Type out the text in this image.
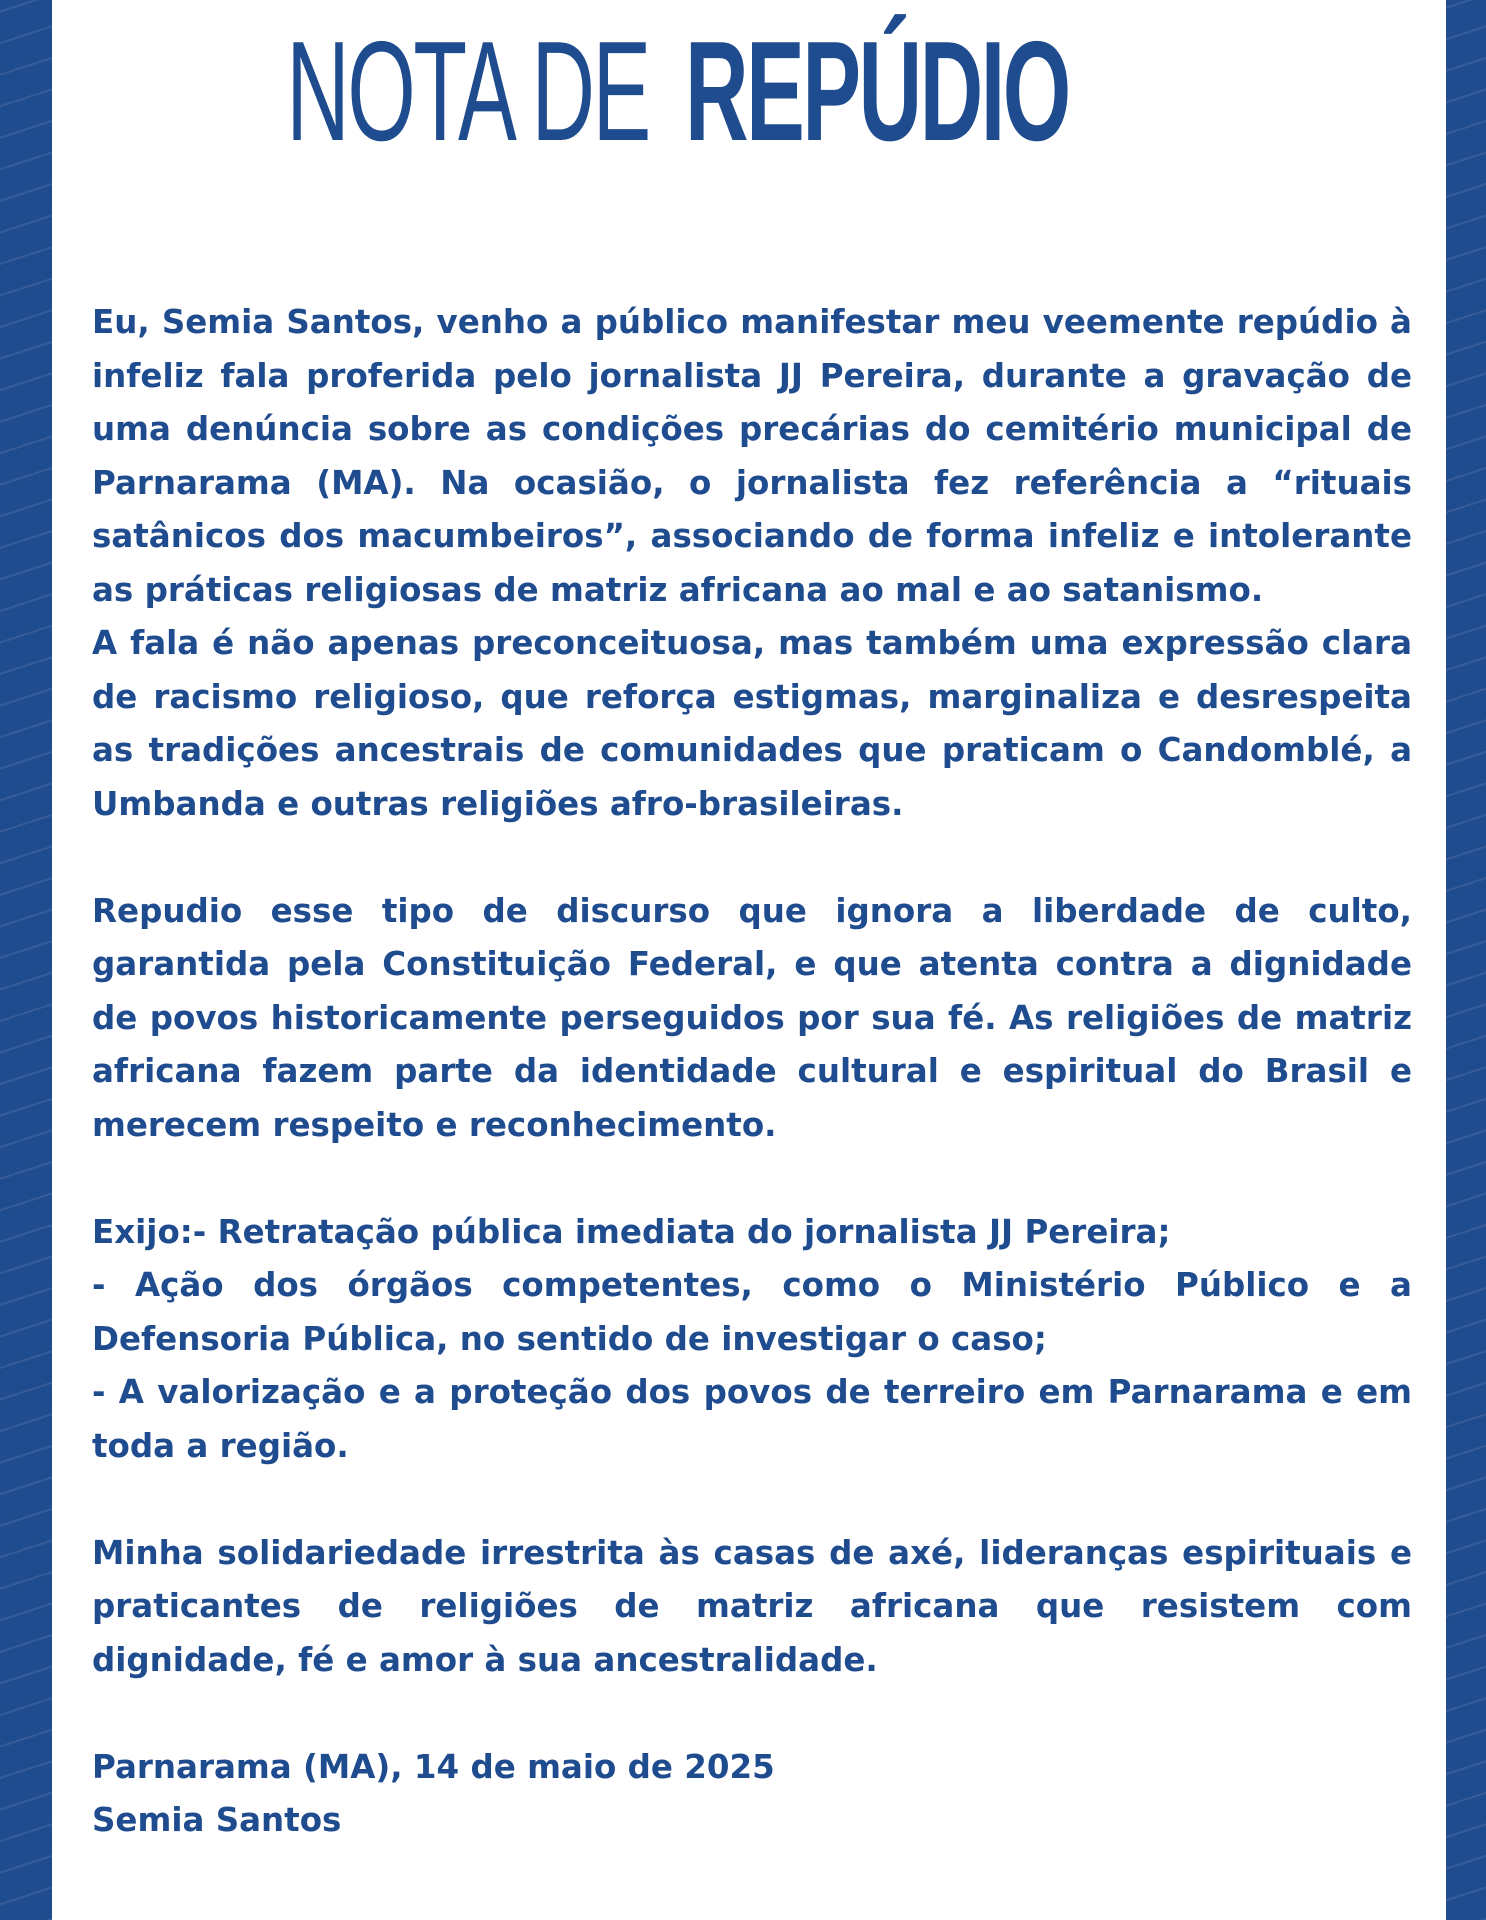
NOTA DE REPÚDIO

Eu, Semia Santos, venho a público manifestar meu veemente repúdio à infeliz fala proferida pelo jornalista JJ Pereira, durante a gravação de uma denúncia sobre as condições precárias do cemitério municipal de Parnarama (MA). Na ocasião, o jornalista fez referência a “rituais satânicos dos macumbeiros”, associando de forma infeliz e intolerante as práticas religiosas de matriz africana ao mal e ao satanismo.

A fala é não apenas preconceituosa, mas também uma expressão clara de racismo religioso, que reforça estigmas, marginaliza e desrespeita as tradições ancestrais de comunidades que praticam o Candomblé, a Umbanda e outras religiões afro-brasileiras.

Repudio esse tipo de discurso que ignora a liberdade de culto, garantida pela Constituição Federal, e que atenta contra a dignidade de povos historicamente perseguidos por sua fé. As religiões de matriz africana fazem parte da identidade cultural e espiritual do Brasil e merecem respeito e reconhecimento.

Exijo:- Retratação pública imediata do jornalista JJ Pereira;

- Ação dos órgãos competentes, como o Ministério Público e a Defensoria Pública, no sentido de investigar o caso;

- A valorização e a proteção dos povos de terreiro em Parnarama e em toda a região.

Minha solidariedade irrestrita às casas de axé, lideranças espirituais e praticantes de religiões de matriz africana que resistem com dignidade, fé e amor à sua ancestralidade.

Parnarama (MA), 14 de maio de 2025

Semia Santos
